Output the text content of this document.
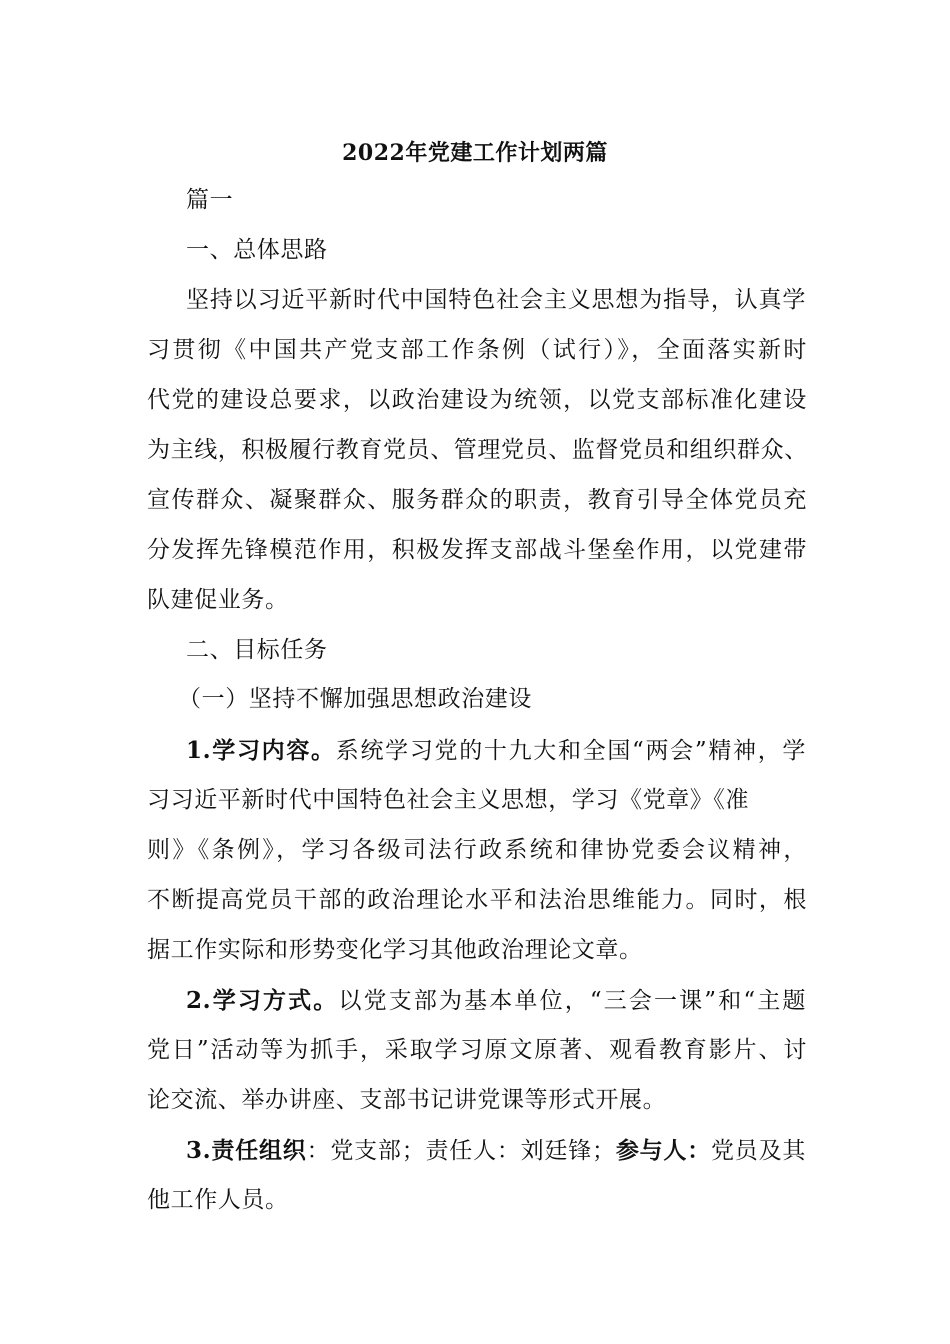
2022年党建工作计划两篇
篇一
一、总体思路
坚持以习近平新时代中国特色社会主义思想为指导，认真学
习贯彻《中国共产党支部工作条例（试行）》，全面落实新时
代党的建设总要求，以政治建设为统领，以党支部标准化建设
为主线，积极履行教育党员、管理党员、监督党员和组织群众、
宣传群众、凝聚群众、服务群众的职责，教育引导全体党员充
分发挥先锋模范作用，积极发挥支部战斗堡垒作用，以党建带
队建促业务。
二、目标任务
（一）坚持不懈加强思想政治建设
1.学习内容。系统学习党的十九大和全国“两会”精神，学
习习近平新时代中国特色社会主义思想，学习《党章》《准
则》《条例》，学习各级司法行政系统和律协党委会议精神，
不断提高党员干部的政治理论水平和法治思维能力。同时，根
据工作实际和形势变化学习其他政治理论文章。
2.学习方式。以党支部为基本单位，“三会一课”和“主题
党日”活动等为抓手，采取学习原文原著、观看教育影片、讨
论交流、举办讲座、支部书记讲党课等形式开展。
3.责任组织：党支部；责任人：刘廷锋；参与人：党员及其
他工作人员。
